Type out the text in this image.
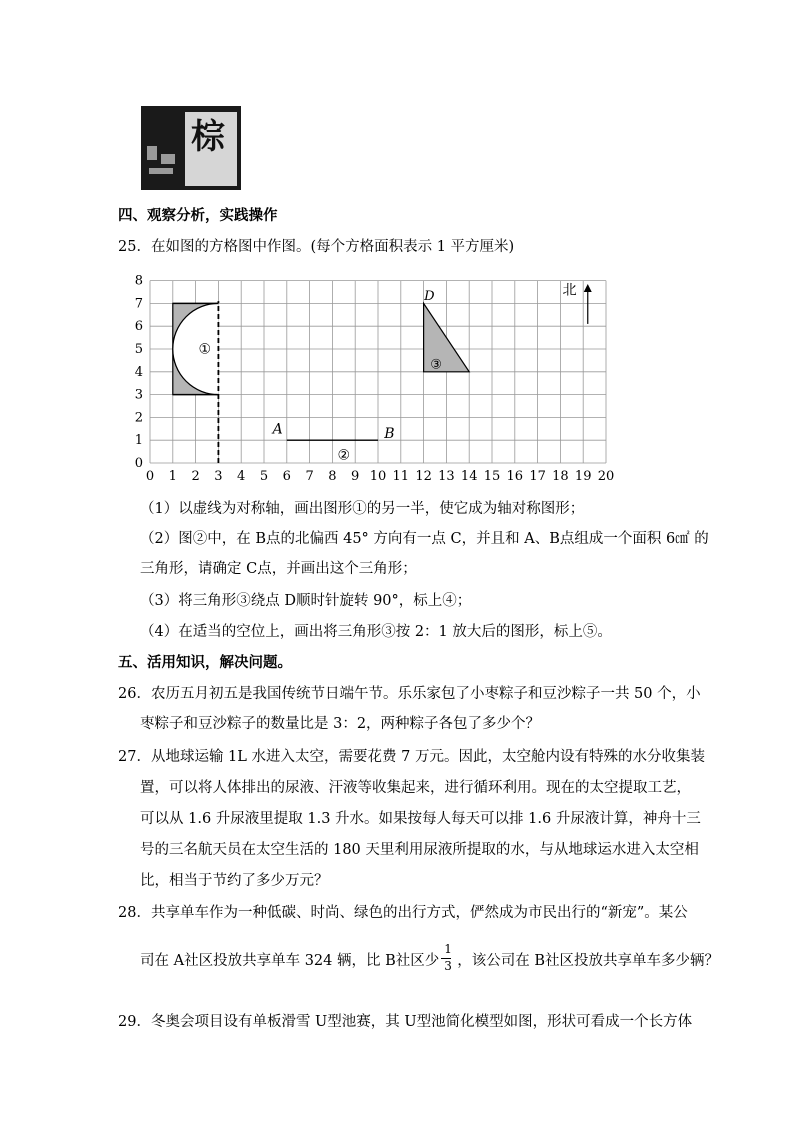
棕
四、观察分析，实践操作
25．在如图的方格图中作图。(每个方格面积表示 1 平方厘米)
0 1 2 3 4 5 6 7 8 9 10 11 12 13 14 15 16 17 18 19 20
1
2
3
4
5
6
7
8
0
A	B
D
①
②
③
北
（1）以虚线为对称轴，画出图形①的另一半，使它成为轴对称图形；
（2）图②中，在 B点的北偏西 45° 方向有一点 C，并且和 A、B点组成一个面积 6㎠ 的
三角形，请确定 C点，并画出这个三角形；
（3）将三角形③绕点 D顺时针旋转 90°，标上④；
（4）在适当的空位上，画出将三角形③按 2：1 放大后的图形，标上⑤。
五、活用知识，解决问题。
26．农历五月初五是我国传统节日端午节。乐乐家包了小枣粽子和豆沙粽子一共 50 个，小
枣粽子和豆沙粽子的数量比是 3：2，两种粽子各包了多少个？
27．从地球运输 1L 水进入太空，需要花费 7 万元。因此，太空舱内设有特殊的水分收集装
置，可以将人体排出的尿液、汗液等收集起来，进行循环利用。现在的太空提取工艺，
可以从 1.6 升尿液里提取 1.3 升水。如果按每人每天可以排 1.6 升尿液计算，神舟十三
号的三名航天员在太空生活的 180 天里利用尿液所提取的水，与从地球运水进入太空相
比，相当于节约了多少万元？
28．共享单车作为一种低碳、时尚、绿色的出行方式，俨然成为市民出行的“新宠”。某公
司在 A社区投放共享单车 324 辆，比 B社区少
$\frac{1}{3}$
，该公司在 B社区投放共享单车多少辆？
29．冬奥会项目设有单板滑雪 U型池赛，其 U型池简化模型如图，形状可看成一个长方体
